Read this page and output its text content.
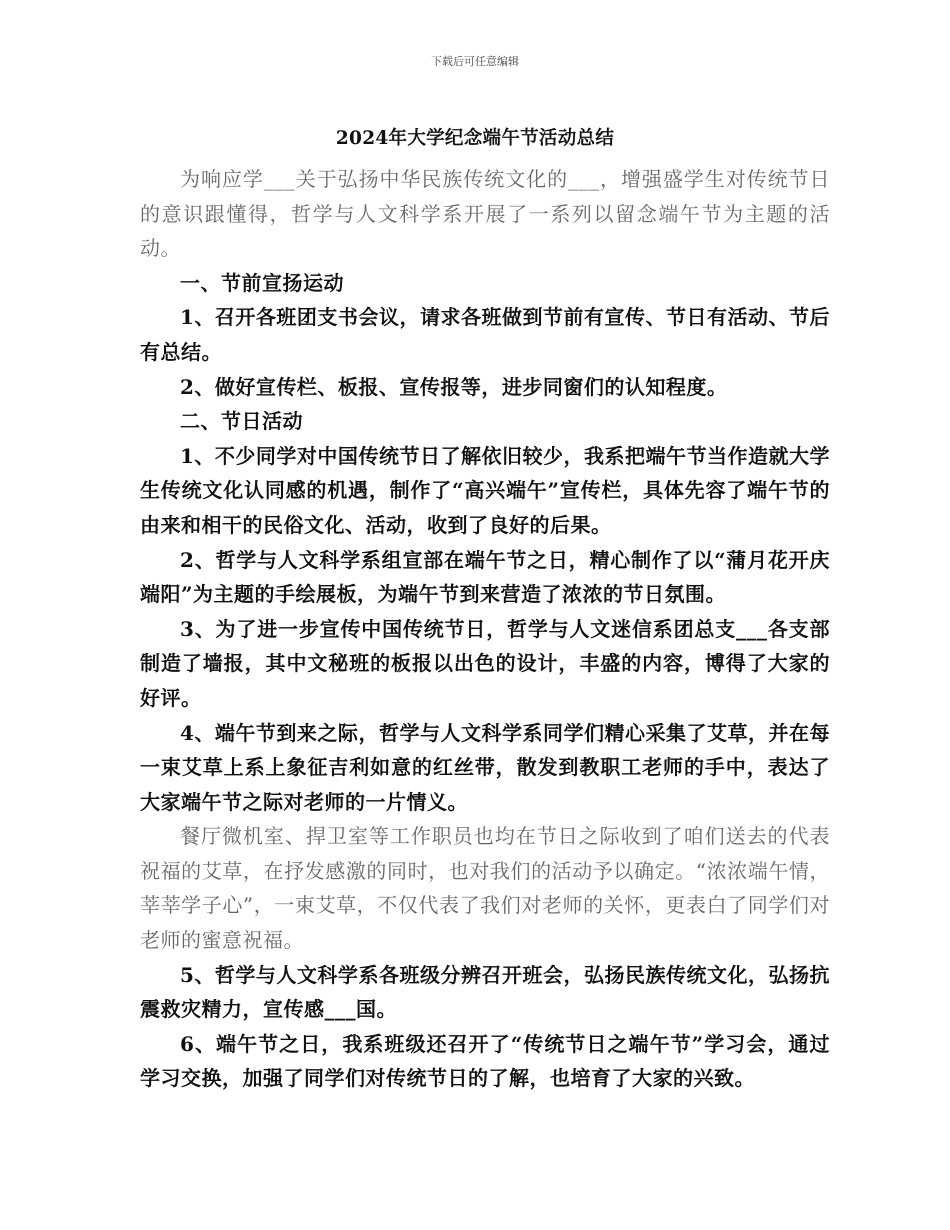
下载后可任意编辑
2024年大学纪念端午节活动总结

为响应学___关于弘扬中华民族传统文化的___，增强盛学生对传统节日的意识跟懂得，哲学与人文科学系开展了一系列以留念端午节为主题的活动。

一、节前宣扬运动

1、召开各班团支书会议，请求各班做到节前有宣传、节日有活动、节后有总结。

2、做好宣传栏、板报、宣传报等，进步同窗们的认知程度。

二、节日活动

1、不少同学对中国传统节日了解依旧较少，我系把端午节当作造就大学生传统文化认同感的机遇，制作了“高兴端午”宣传栏，具体先容了端午节的由来和相干的民俗文化、活动，收到了良好的后果。

2、哲学与人文科学系组宣部在端午节之日，精心制作了以“蒲月花开庆端阳”为主题的手绘展板，为端午节到来营造了浓浓的节日氛围。

3、为了进一步宣传中国传统节日，哲学与人文迷信系团总支___各支部制造了墙报，其中文秘班的板报以出色的设计，丰盛的内容，博得了大家的好评。

4、端午节到来之际，哲学与人文科学系同学们精心采集了艾草，并在每一束艾草上系上象征吉利如意的红丝带，散发到教职工老师的手中，表达了大家端午节之际对老师的一片情义。

餐厅微机室、捍卫室等工作职员也均在节日之际收到了咱们送去的代表祝福的艾草，在抒发感激的同时，也对我们的活动予以确定。“浓浓端午情，莘莘学子心”，一束艾草，不仅代表了我们对老师的关怀，更表白了同学们对老师的蜜意祝福。

5、哲学与人文科学系各班级分辨召开班会，弘扬民族传统文化，弘扬抗震救灾精力，宣传感___国。

6、端午节之日，我系班级还召开了“传统节日之端午节”学习会，通过学习交换，加强了同学们对传统节日的了解，也培育了大家的兴致。
